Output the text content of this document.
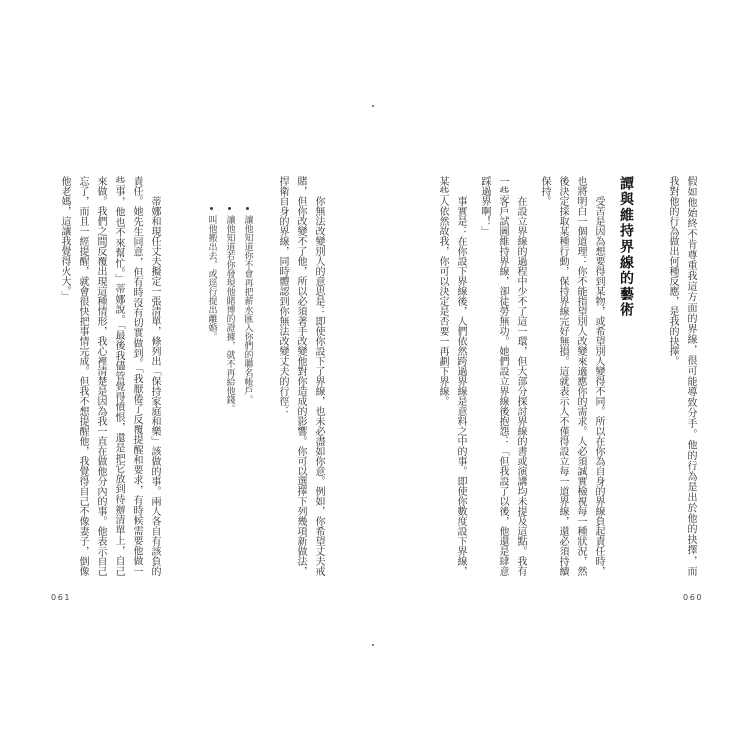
你無法改變別人的意思是：即使你設下了界線，也未必盡如你意。例如，你希望丈夫戒

賭，但你改變不了他，所以必須著手改變他對你造成的影響。你可以選擇下列幾項新做法，

捍衛自身的界線，同時體認到你無法改變丈夫的行徑：

讓他知道你不會再把薪水匯入你們的聯名帳戶。

讓他知道若你發現他賭博的證據，就不再給他錢。

叫他搬出去，或逕行提出離婚。

蒂娜和現任丈夫擬定一張清單，條列出「保持家庭和樂」該做的事。兩人各自有該負的

責任。她先生同意，但有時沒有切實做到。「我厭倦了反覆提醒和要求，有時候需要他做一

些事，他也不來幫忙。」蒂娜說。「最後我儘管覺得憤恨，還是把它放到待辦清單上，自己

來做。我們之間反覆出現這種情形，我心裡清楚是因為我一直在做他分內的事。他表示自己

忘了，而且一經提醒，就會很快把事情完成。但我不想提醒他，我覺得自己不像妻子，倒像

他老媽，這讓我覺得火大。」

061

假如他始終不肯尊重我這方面的界線，很可能導致分手。他的行為是出於他的抉擇，而

我對他的行為做出何種反應，是我的抉擇。

譚與維持界線的藝術

受苦是因為想要得到某物，或希望別人變得不同。所以在你為自身的界線負起責任時，

也將明白一個道理：你不能指望別人改變來適應你的需求。人必須誠實檢視每一種狀況，然

後決定採取某種行動，保持界線完好無損。這就表示人不僅得設立每一道界線，還必須持續

保持。

在設立界線的過程中少不了這一環，但大部分探討界線的書或演講均未提及這點。我有

一些客戶試圖維持界線，卻徒勞無功。她們設立界線後抱怨：「但我設了以後，他還是肆意

踩過界啊！」

事實是：在你設下界線後，人們依然跨過界線是意料之中的事。即使你數度設下界線，

某些人依然故我，你可以決定是否要一再劃下界線。

060
